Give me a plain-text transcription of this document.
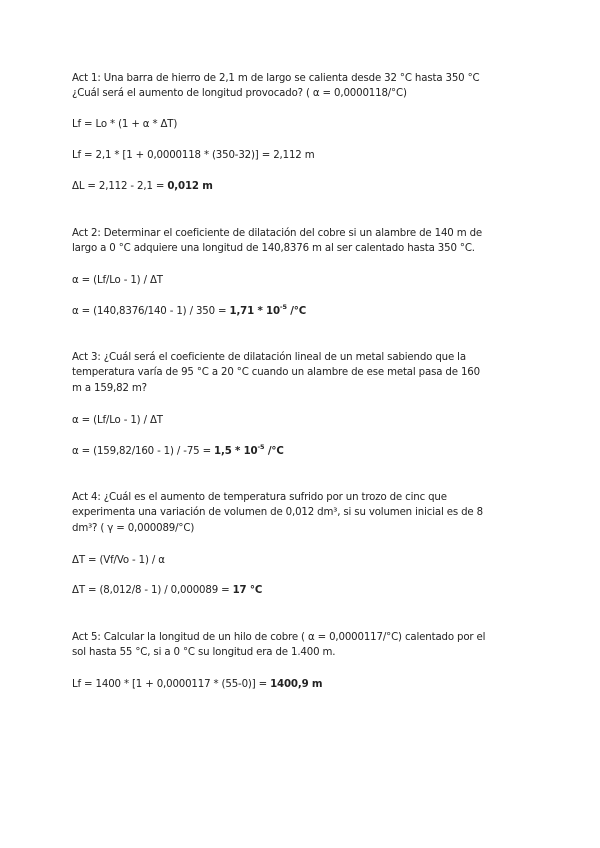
Act 1: Una barra de hierro de 2,1 m de largo se calienta desde 32 °C hasta 350 °C

¿Cuál será el aumento de longitud provocado? ( α = 0,0000118/°C)

Lf = Lo * (1 + α * ΔT)

Lf = 2,1 * [1 + 0,0000118 * (350-32)] = 2,112 m

ΔL = 2,112 - 2,1 = 0,012 m

Act 2: Determinar el coeficiente de dilatación del cobre si un alambre de 140 m de

largo a 0 °C adquiere una longitud de 140,8376 m al ser calentado hasta 350 °C.

α = (Lf/Lo - 1) / ΔT

$\alpha = (140,8376/140 - 1) / 350 = 1,71 * 10^{-5}$ /°C

Act 3: ¿Cuál será el coeficiente de dilatación lineal de un metal sabiendo que la

temperatura varía de 95 °C a 20 °C cuando un alambre de ese metal pasa de 160

m a 159,82 m?

α = (Lf/Lo - 1) / ΔT

$\alpha = (159,82/160 - 1) / -75 = 1,5 * 10^{-5}$ /°C

Act 4: ¿Cuál es el aumento de temperatura sufrido por un trozo de cinc que

experimenta una variación de volumen de 0,012 dm³, si su volumen inicial es de 8

dm³? ( γ = 0,000089/°C)

ΔT = (Vf/Vo - 1) / α

ΔT = (8,012/8 - 1) / 0,000089 = 17 °C

Act 5: Calcular la longitud de un hilo de cobre ( α = 0,0000117/°C) calentado por el

sol hasta 55 °C, si a 0 °C su longitud era de 1.400 m.

Lf = 1400 * [1 + 0,0000117 * (55-0)] = 1400,9 m
